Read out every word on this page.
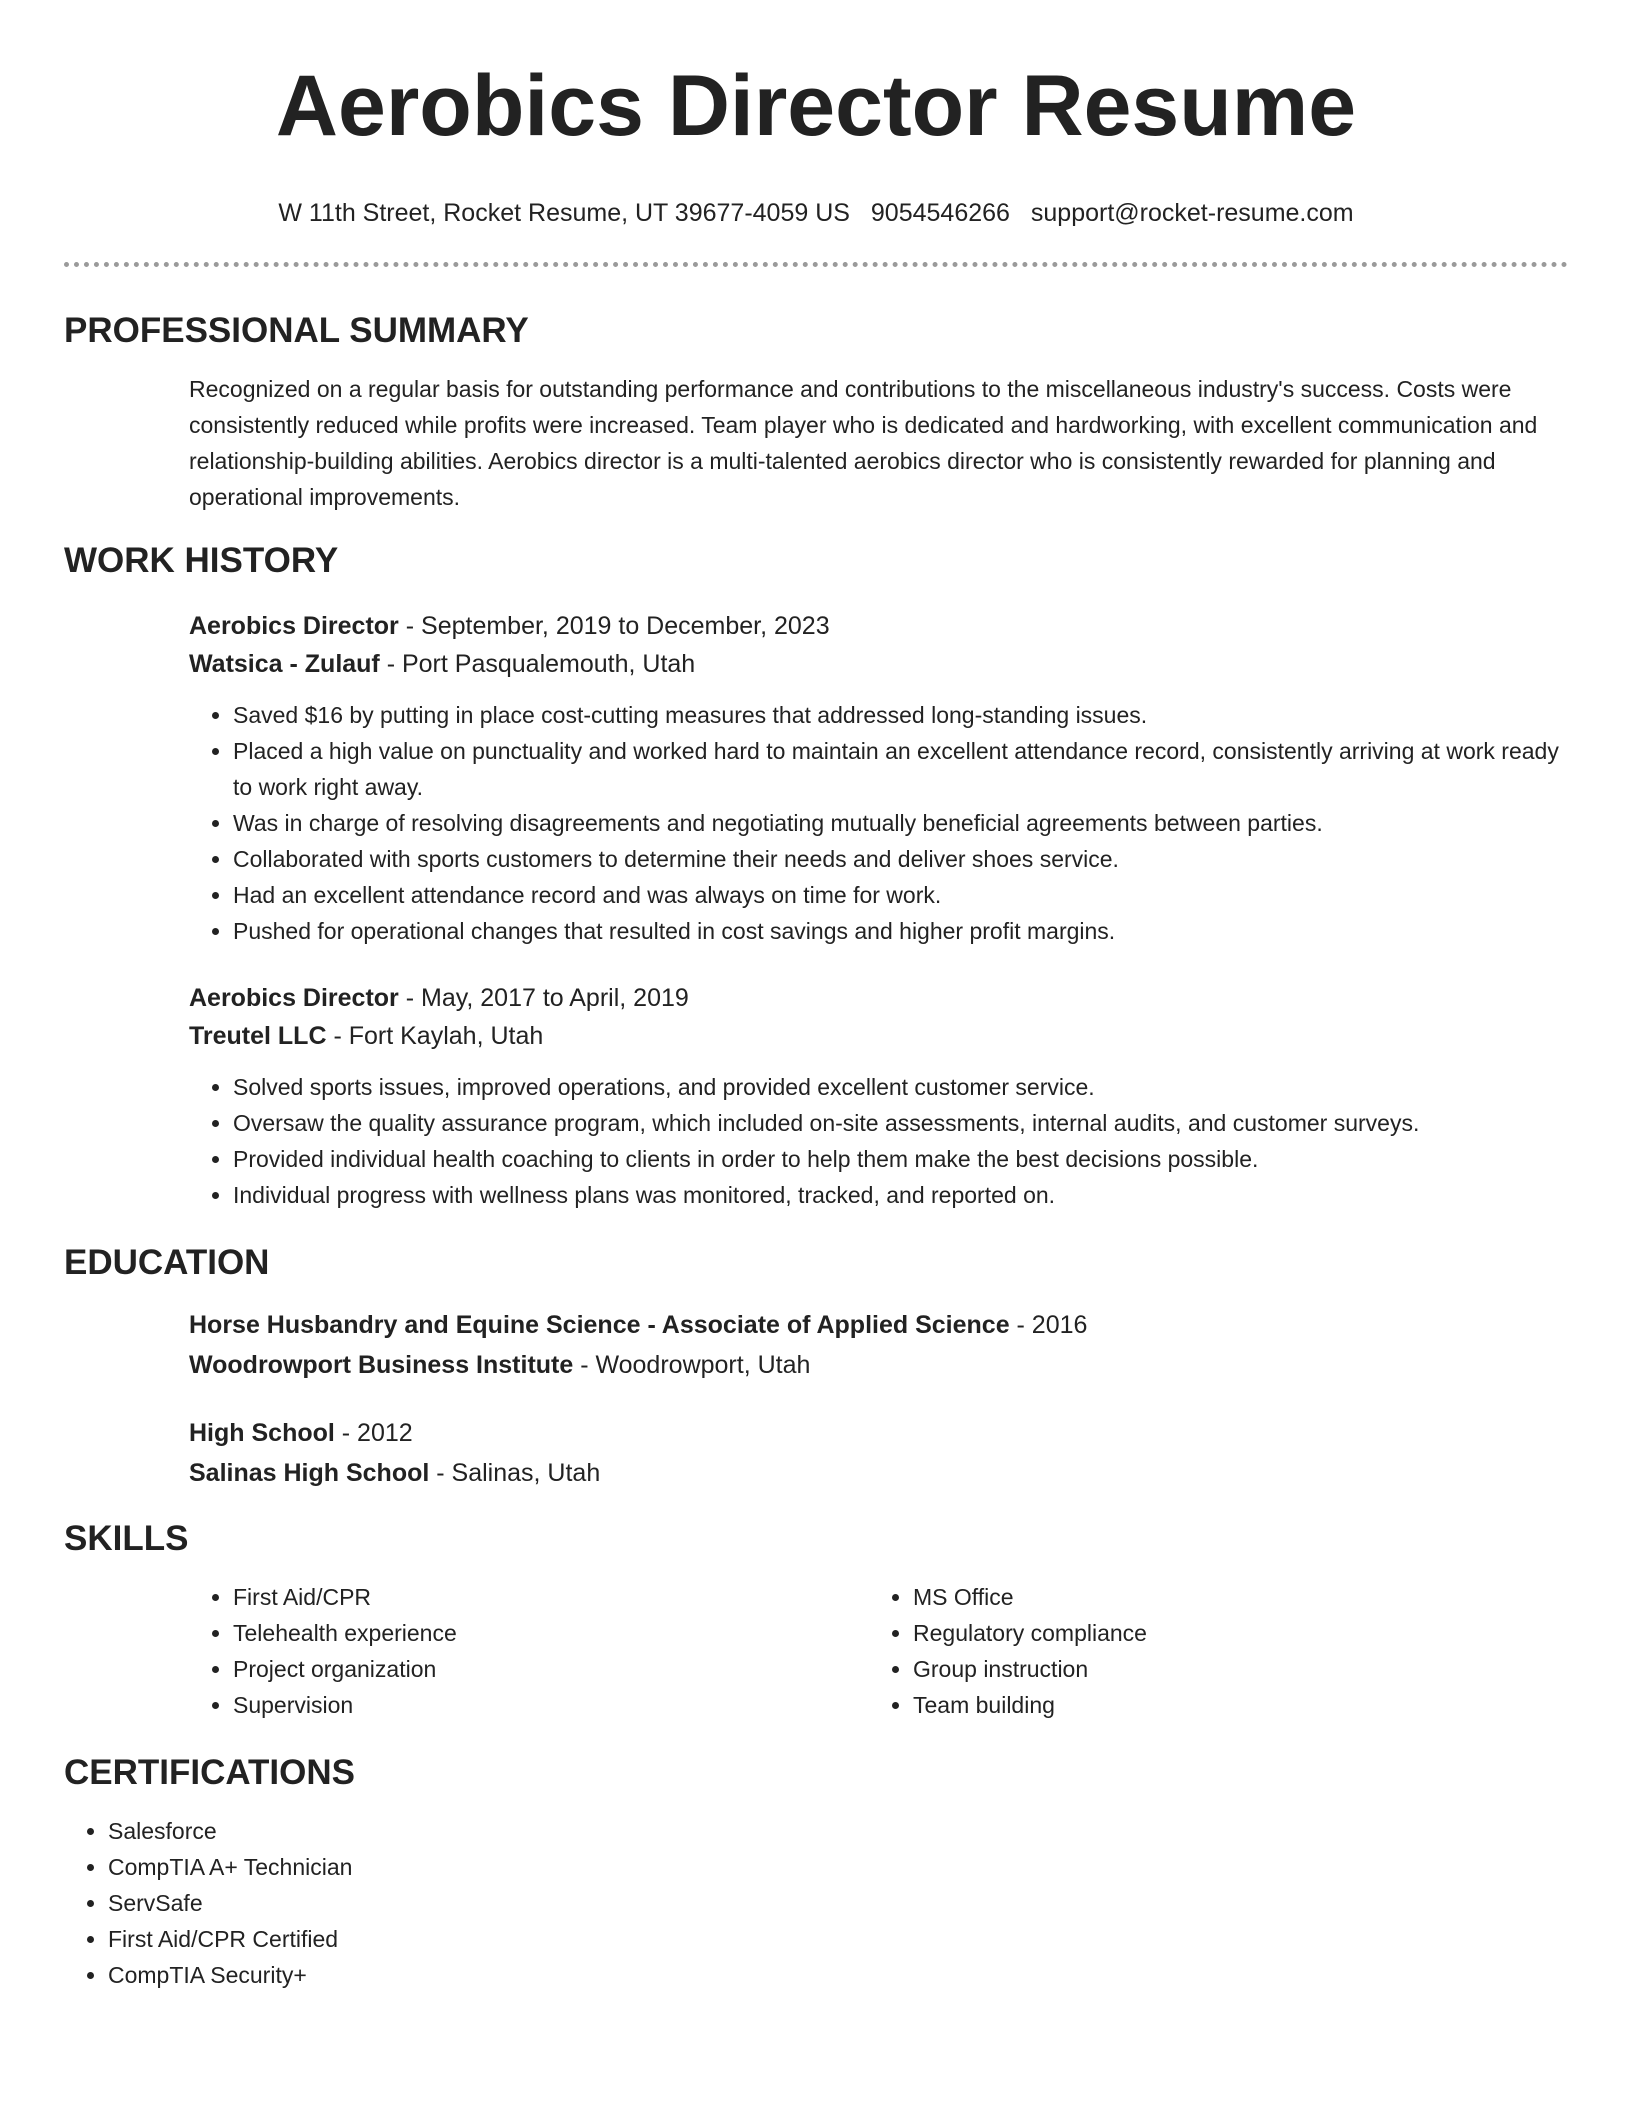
Aerobics Director Resume
W 11th Street, Rocket Resume, UT 39677-4059 US 9054546266 support@rocket-resume.com
PROFESSIONAL SUMMARY

Recognized on a regular basis for outstanding performance and contributions to the miscellaneous industry's success. Costs were consistently reduced while profits were increased. Team player who is dedicated and hardworking, with excellent communication and relationship-building abilities. Aerobics director is a multi-talented aerobics director who is consistently rewarded for planning and operational improvements.

WORK HISTORY
Aerobics Director - September, 2019 to December, 2023
Watsica - Zulauf - Port Pasqualemouth, Utah
• Saved $16 by putting in place cost-cutting measures that addressed long-standing issues.
• Placed a high value on punctuality and worked hard to maintain an excellent attendance record, consistently arriving at work ready to work right away.
• Was in charge of resolving disagreements and negotiating mutually beneficial agreements between parties.
• Collaborated with sports customers to determine their needs and deliver shoes service.
• Had an excellent attendance record and was always on time for work.
• Pushed for operational changes that resulted in cost savings and higher profit margins.
Aerobics Director - May, 2017 to April, 2019
Treutel LLC - Fort Kaylah, Utah
• Solved sports issues, improved operations, and provided excellent customer service.
• Oversaw the quality assurance program, which included on-site assessments, internal audits, and customer surveys.
• Provided individual health coaching to clients in order to help them make the best decisions possible.
• Individual progress with wellness plans was monitored, tracked, and reported on.
EDUCATION
Horse Husbandry and Equine Science - Associate of Applied Science - 2016
Woodrowport Business Institute - Woodrowport, Utah
High School - 2012
Salinas High School - Salinas, Utah
SKILLS
• First Aid/CPR
• Telehealth experience
• Project organization
• Supervision
• MS Office
• Regulatory compliance
• Group instruction
• Team building
CERTIFICATIONS
• Salesforce
• CompTIA A+ Technician
• ServSafe
• First Aid/CPR Certified
• CompTIA Security+
